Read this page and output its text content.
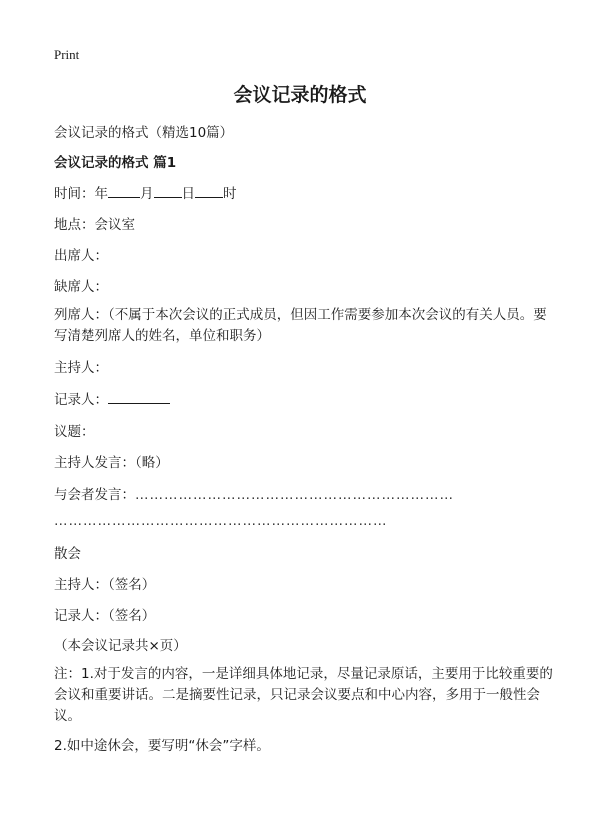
Print
会议记录的格式
会议记录的格式（精选10篇）
会议记录的格式 篇1
时间：年 月 日 时
地点：会议室
出席人：
缺席人：
列席人：（不属于本次会议的正式成员，但因工作需要参加本次会议的有关人员。要写清楚列席人的姓名，单位和职务）
主持人：
记录人：
议题：
主持人发言：（略）
与会者发言：…………………………………………………………
……………………………………………………………
散会
主持人：（签名）
记录人：（签名）
（本会议记录共×页）
注：1.对于发言的内容，一是详细具体地记录，尽量记录原话，主要用于比较重要的会议和重要讲话。二是摘要性记录，只记录会议要点和中心内容，多用于一般性会议。
2.如中途休会，要写明“休会”字样。
